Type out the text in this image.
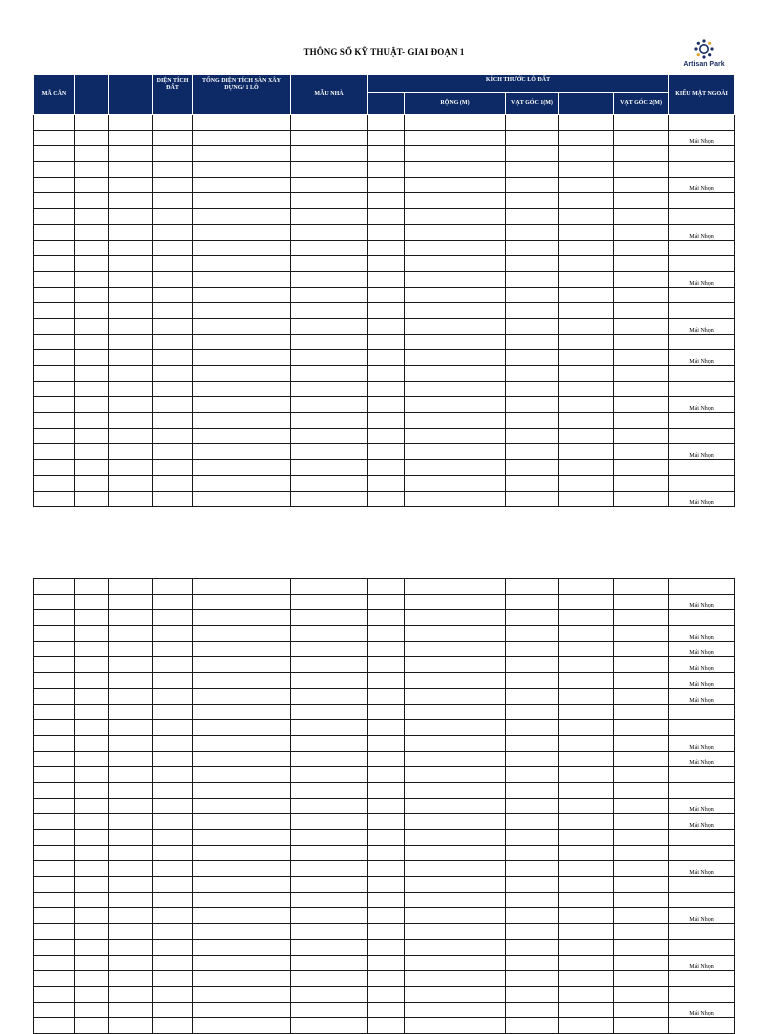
THÔNG SỐ KỸ THUẬT- GIAI ĐOẠN 1
Artisan Park
MÃ CĂN			DIỆN TÍCH ĐẤT	TỔNG DIỆN TÍCH SÀN XÂY DỰNG/ 1 LÔ	MẪU NHÀ	KÍCH THƯỚC LÔ ĐẤT					KIỂU MẶT NGOÀI
							RỘNG (M)	VẠT GÓC 1(M)		VẠT GÓC 2(M)	

											Mái Nhọn

											Mái Nhọn

											Mái Nhọn

											Mái Nhọn

											Mái Nhọn

											Mái Nhọn

											Mái Nhọn

											Mái Nhọn

											Mái Nhọn

											Mái Nhọn

											Mái Nhọn
											Mái Nhọn
											Mái Nhọn
											Mái Nhọn
											Mái Nhọn

											Mái Nhọn
											Mái Nhọn

											Mái Nhọn
											Mái Nhọn

											Mái Nhọn

											Mái Nhọn

											Mái Nhọn

											Mái Nhọn
